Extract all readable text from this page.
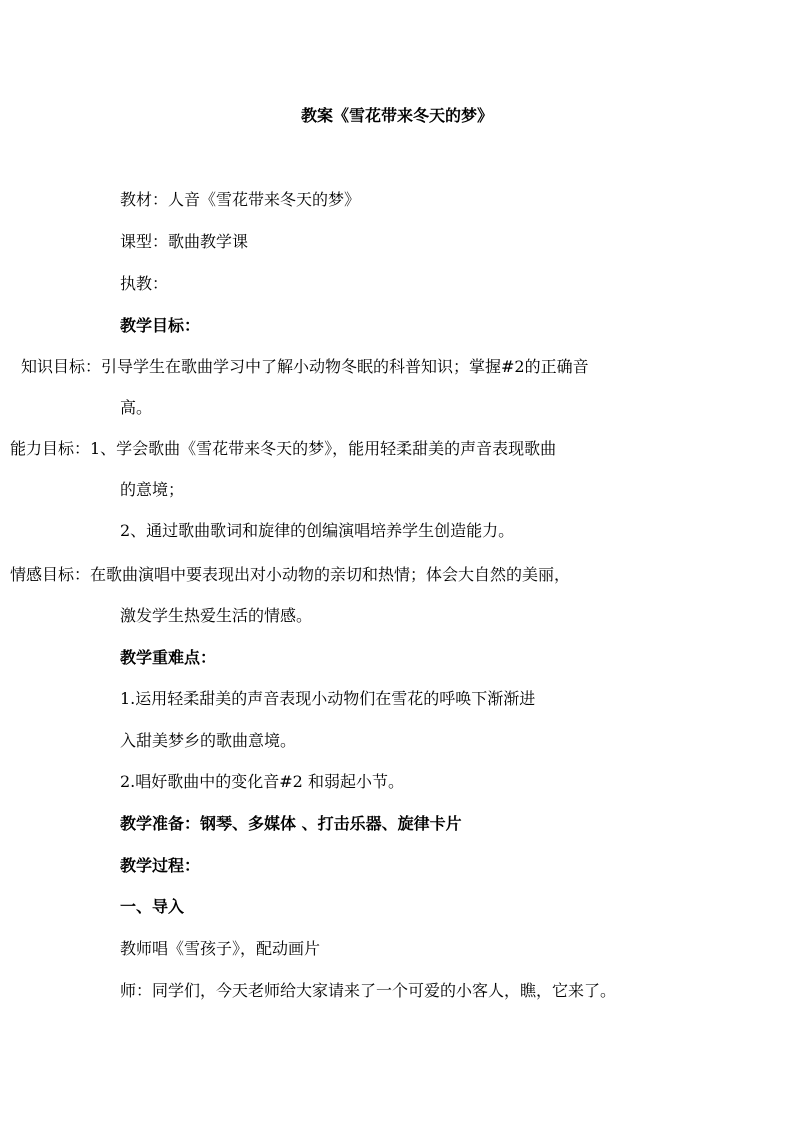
教案《雪花带来冬天的梦》
教材：人音《雪花带来冬天的梦》
课型：歌曲教学课
执教：
教学目标：
知识目标：引导学生在歌曲学习中了解小动物冬眠的科普知识；掌握#2的正确音
高。
能力目标：1、学会歌曲《雪花带来冬天的梦》，能用轻柔甜美的声音表现歌曲
的意境；
2、通过歌曲歌词和旋律的创编演唱培养学生创造能力。
情感目标：在歌曲演唱中要表现出对小动物的亲切和热情；体会大自然的美丽，
激发学生热爱生活的情感。
教学重难点：
1.运用轻柔甜美的声音表现小动物们在雪花的呼唤下渐渐进
入甜美梦乡的歌曲意境。
2.唱好歌曲中的变化音#2 和弱起小节。
教学准备：钢琴、多媒体 、打击乐器、旋律卡片
教学过程：
一、导入
教师唱《雪孩子》，配动画片
师：同学们，今天老师给大家请来了一个可爱的小客人，瞧，它来了。
